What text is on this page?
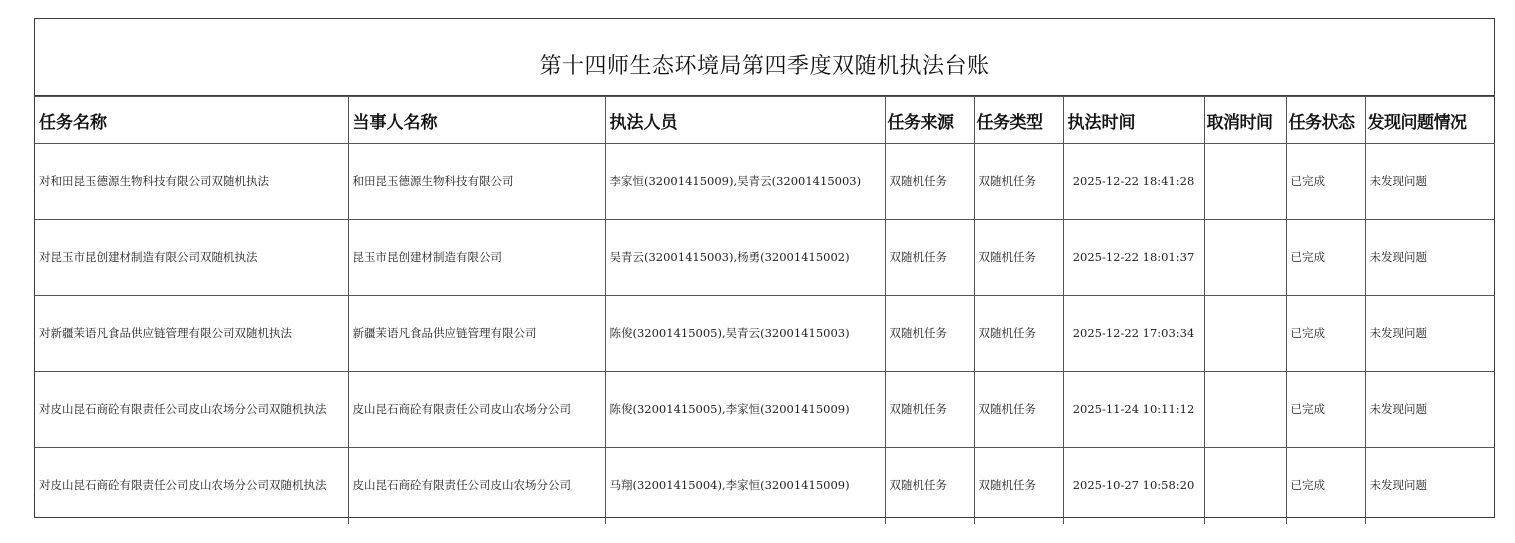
第十四师生态环境局第四季度双随机执法台账
任务名称	当事人名称	执法人员	任务来源	任务类型	执法时间	取消时间	任务状态	发现问题情况
对和田昆玉德源生物科技有限公司双随机执法	和田昆玉德源生物科技有限公司	李家恒(32001415009),吴青云(32001415003)	双随机任务	双随机任务	2025-12-22 18:41:28		已完成	未发现问题
对昆玉市昆创建材制造有限公司双随机执法	昆玉市昆创建材制造有限公司	吴青云(32001415003),杨勇(32001415002)	双随机任务	双随机任务	2025-12-22 18:01:37		已完成	未发现问题
对新疆茉语凡食品供应链管理有限公司双随机执法	新疆茉语凡食品供应链管理有限公司	陈俊(32001415005),吴青云(32001415003)	双随机任务	双随机任务	2025-12-22 17:03:34		已完成	未发现问题
对皮山昆石商砼有限责任公司皮山农场分公司双随机执法	皮山昆石商砼有限责任公司皮山农场分公司	陈俊(32001415005),李家恒(32001415009)	双随机任务	双随机任务	2025-11-24 10:11:12		已完成	未发现问题
对皮山昆石商砼有限责任公司皮山农场分公司双随机执法	皮山昆石商砼有限责任公司皮山农场分公司	马翔(32001415004),李家恒(32001415009)	双随机任务	双随机任务	2025-10-27 10:58:20		已完成	未发现问题
